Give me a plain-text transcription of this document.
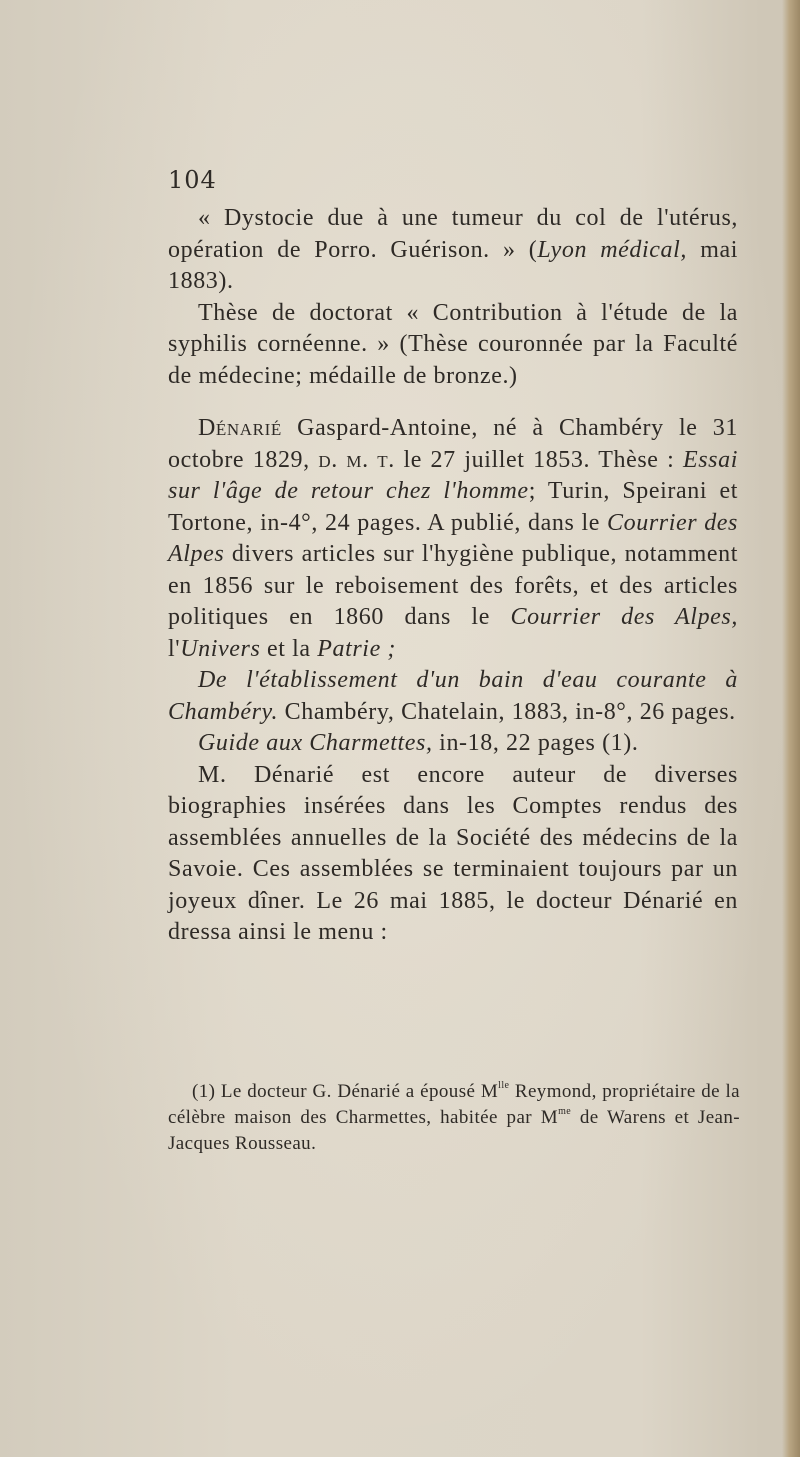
104

« Dystocie due à une tumeur du col de l'utérus, opération de Porro. Guérison. » (Lyon médical, mai 1883).

Thèse de doctorat « Contribution à l'étude de la syphilis cornéenne. » (Thèse couronnée par la Faculté de médecine; médaille de bronze.)

Dénarié Gaspard-Antoine, né à Chambéry le 31 octobre 1829, d. m. t. le 27 juillet 1853. Thèse : Essai sur l'âge de retour chez l'homme; Turin, Speirani et Tortone, in-4°, 24 pages. A publié, dans le Courrier des Alpes divers articles sur l'hygiène publique, notamment en 1856 sur le reboisement des forêts, et des articles politiques en 1860 dans le Courrier des Alpes, l'Univers et la Patrie ;

De l'établissement d'un bain d'eau courante à Chambéry. Chambéry, Chatelain, 1883, in-8°, 26 pages.

Guide aux Charmettes, in-18, 22 pages (1).

M. Dénarié est encore auteur de diverses biographies insérées dans les Comptes rendus des assemblées annuelles de la Société des médecins de la Savoie. Ces assemblées se terminaient toujours par un joyeux dîner. Le 26 mai 1885, le docteur Dénarié en dressa ainsi le menu :

(1) Le docteur G. Dénarié a épousé $M^{lle}$ Reymond, propriétaire de la célèbre maison des Charmettes, habitée par $M^{me}$ de Warens et Jean-Jacques Rousseau.
